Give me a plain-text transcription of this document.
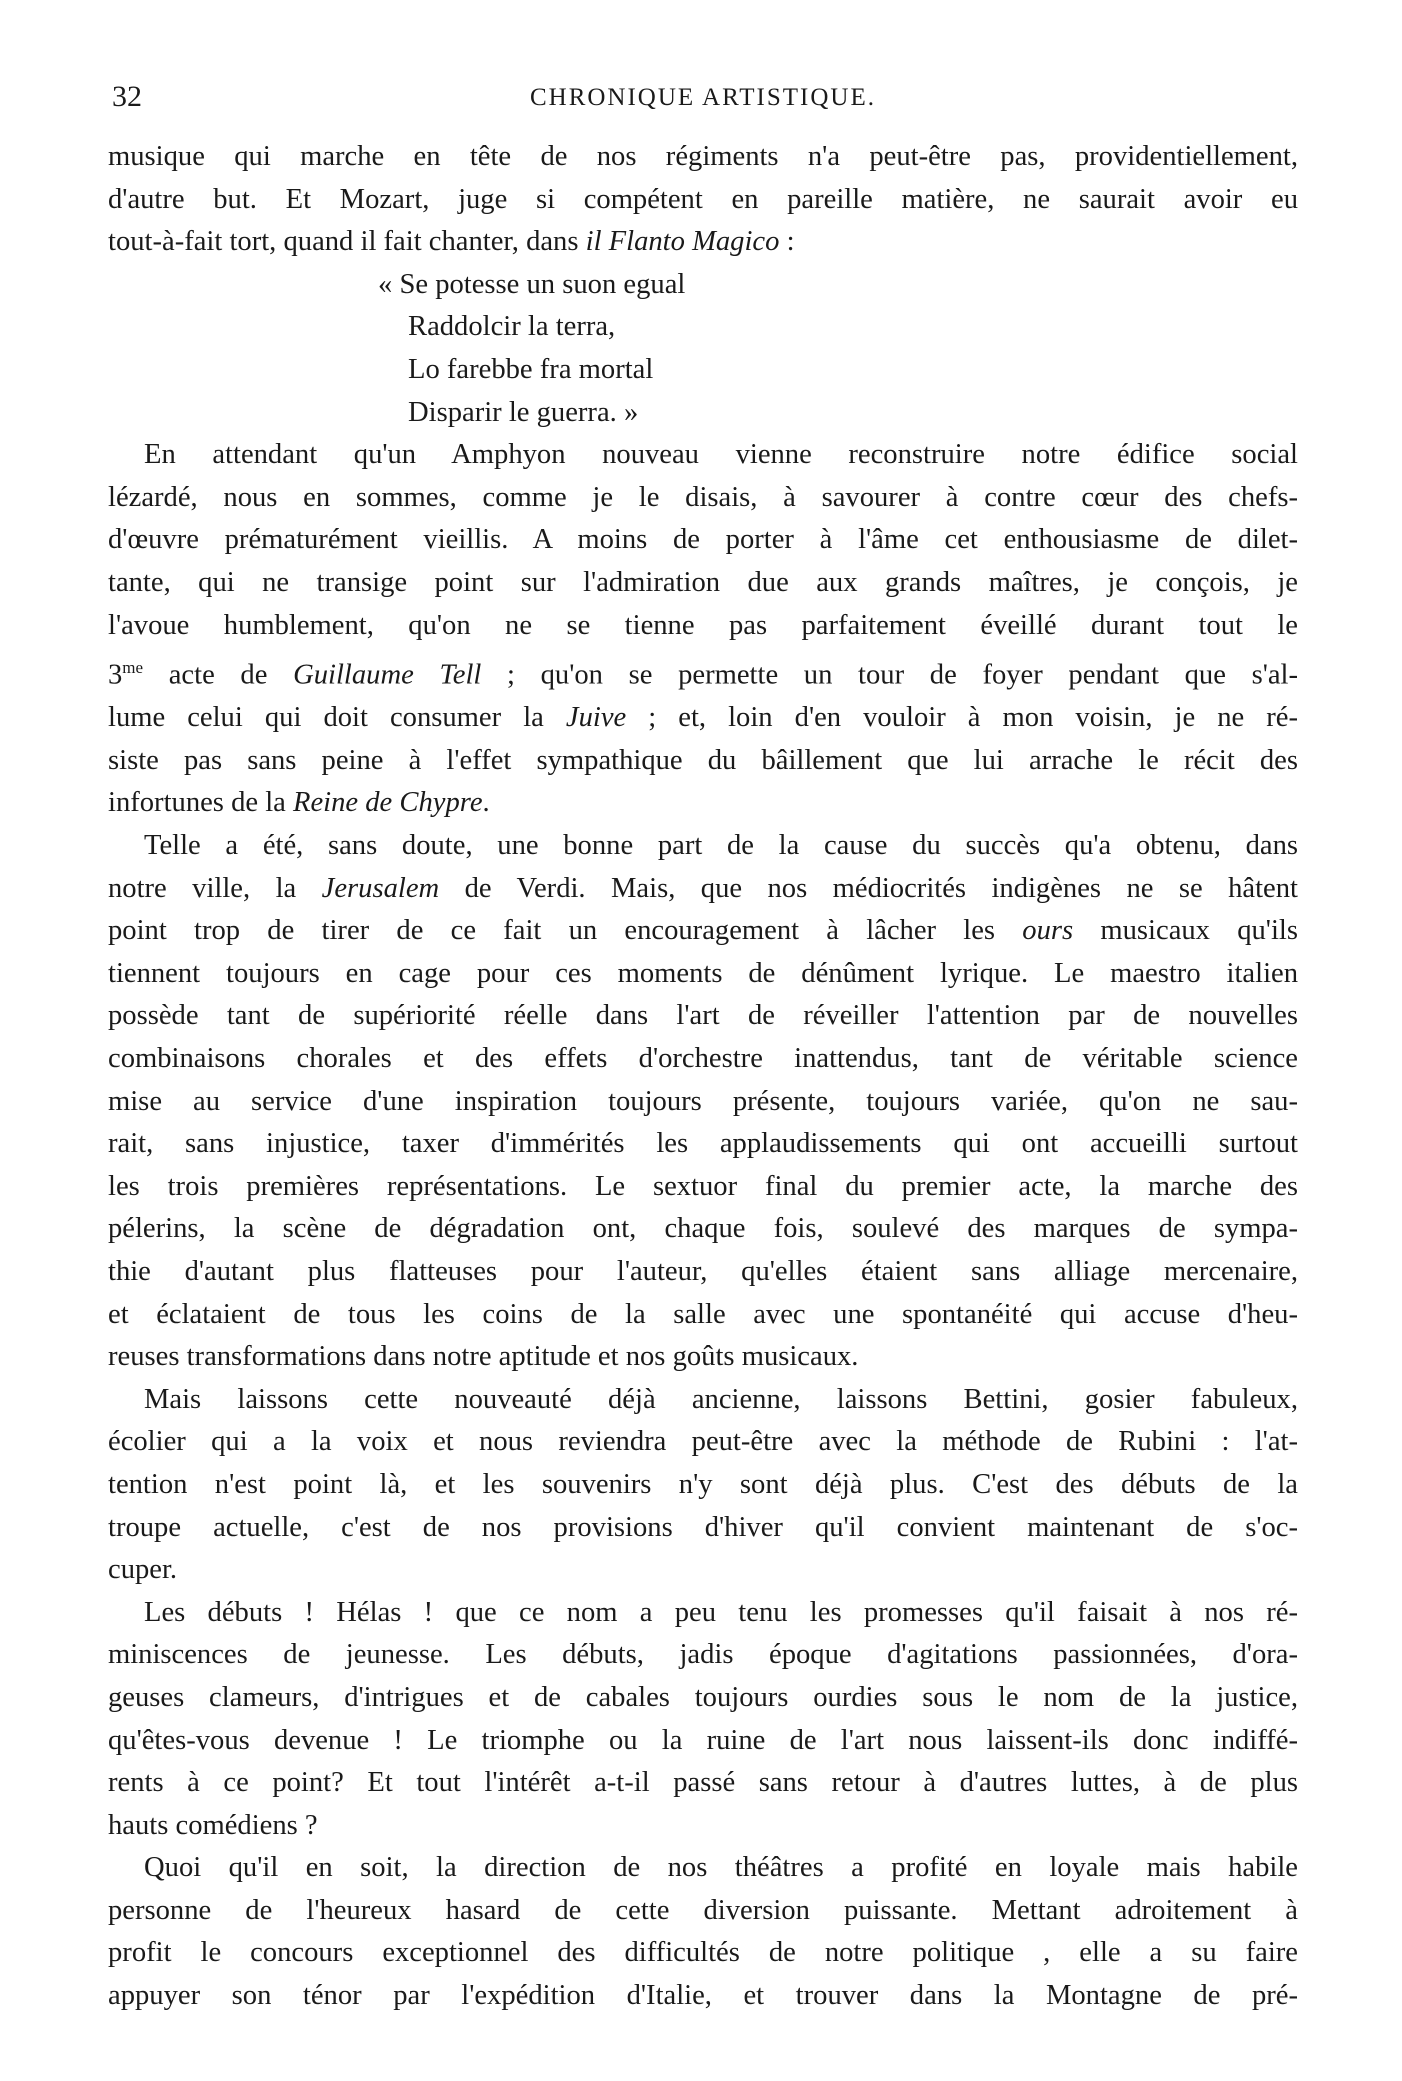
32	CHRONIQUE ARTISTIQUE.

musique qui marche en tête de nos régiments n'a peut-être pas, providentiellement,
d'autre but. Et Mozart, juge si compétent en pareille matière, ne saurait avoir eu
tout-à-fait tort, quand il fait chanter, dans il Flanto Magico :

« Se potesse un suon egual
Raddolcir la terra,
Lo farebbe fra mortal
Disparir le guerra. »

En attendant qu'un Amphyon nouveau vienne reconstruire notre édifice social
lézardé, nous en sommes, comme je le disais, à savourer à contre cœur des chefs-
d'œuvre prématurément vieillis. A moins de porter à l'âme cet enthousiasme de dilet-
tante, qui ne transige point sur l'admiration due aux grands maîtres, je conçois, je
l'avoue humblement, qu'on ne se tienne pas parfaitement éveillé durant tout le
$3^{me}$ acte de Guillaume Tell ; qu'on se permette un tour de foyer pendant que s'al-
lume celui qui doit consumer la Juive ; et, loin d'en vouloir à mon voisin, je ne ré-
siste pas sans peine à l'effet sympathique du bâillement que lui arrache le récit des
infortunes de la Reine de Chypre.

Telle a été, sans doute, une bonne part de la cause du succès qu'a obtenu, dans
notre ville, la Jerusalem de Verdi. Mais, que nos médiocrités indigènes ne se hâtent
point trop de tirer de ce fait un encouragement à lâcher les ours musicaux qu'ils
tiennent toujours en cage pour ces moments de dénûment lyrique. Le maestro italien
possède tant de supériorité réelle dans l'art de réveiller l'attention par de nouvelles
combinaisons chorales et des effets d'orchestre inattendus, tant de véritable science
mise au service d'une inspiration toujours présente, toujours variée, qu'on ne sau-
rait, sans injustice, taxer d'immérités les applaudissements qui ont accueilli surtout
les trois premières représentations. Le sextuor final du premier acte, la marche des
pélerins, la scène de dégradation ont, chaque fois, soulevé des marques de sympa-
thie d'autant plus flatteuses pour l'auteur, qu'elles étaient sans alliage mercenaire,
et éclataient de tous les coins de la salle avec une spontanéité qui accuse d'heu-
reuses transformations dans notre aptitude et nos goûts musicaux.

Mais laissons cette nouveauté déjà ancienne, laissons Bettini, gosier fabuleux,
écolier qui a la voix et nous reviendra peut-être avec la méthode de Rubini : l'at-
tention n'est point là, et les souvenirs n'y sont déjà plus. C'est des débuts de la
troupe actuelle, c'est de nos provisions d'hiver qu'il convient maintenant de s'oc-
cuper.

Les débuts ! Hélas ! que ce nom a peu tenu les promesses qu'il faisait à nos ré-
miniscences de jeunesse. Les débuts, jadis époque d'agitations passionnées, d'ora-
geuses clameurs, d'intrigues et de cabales toujours ourdies sous le nom de la justice,
qu'êtes-vous devenue ! Le triomphe ou la ruine de l'art nous laissent-ils donc indiffé-
rents à ce point? Et tout l'intérêt a-t-il passé sans retour à d'autres luttes, à de plus
hauts comédiens ?

Quoi qu'il en soit, la direction de nos théâtres a profité en loyale mais habile
personne de l'heureux hasard de cette diversion puissante. Mettant adroitement à
profit le concours exceptionnel des difficultés de notre politique , elle a su faire
appuyer son ténor par l'expédition d'Italie, et trouver dans la Montagne de pré-
